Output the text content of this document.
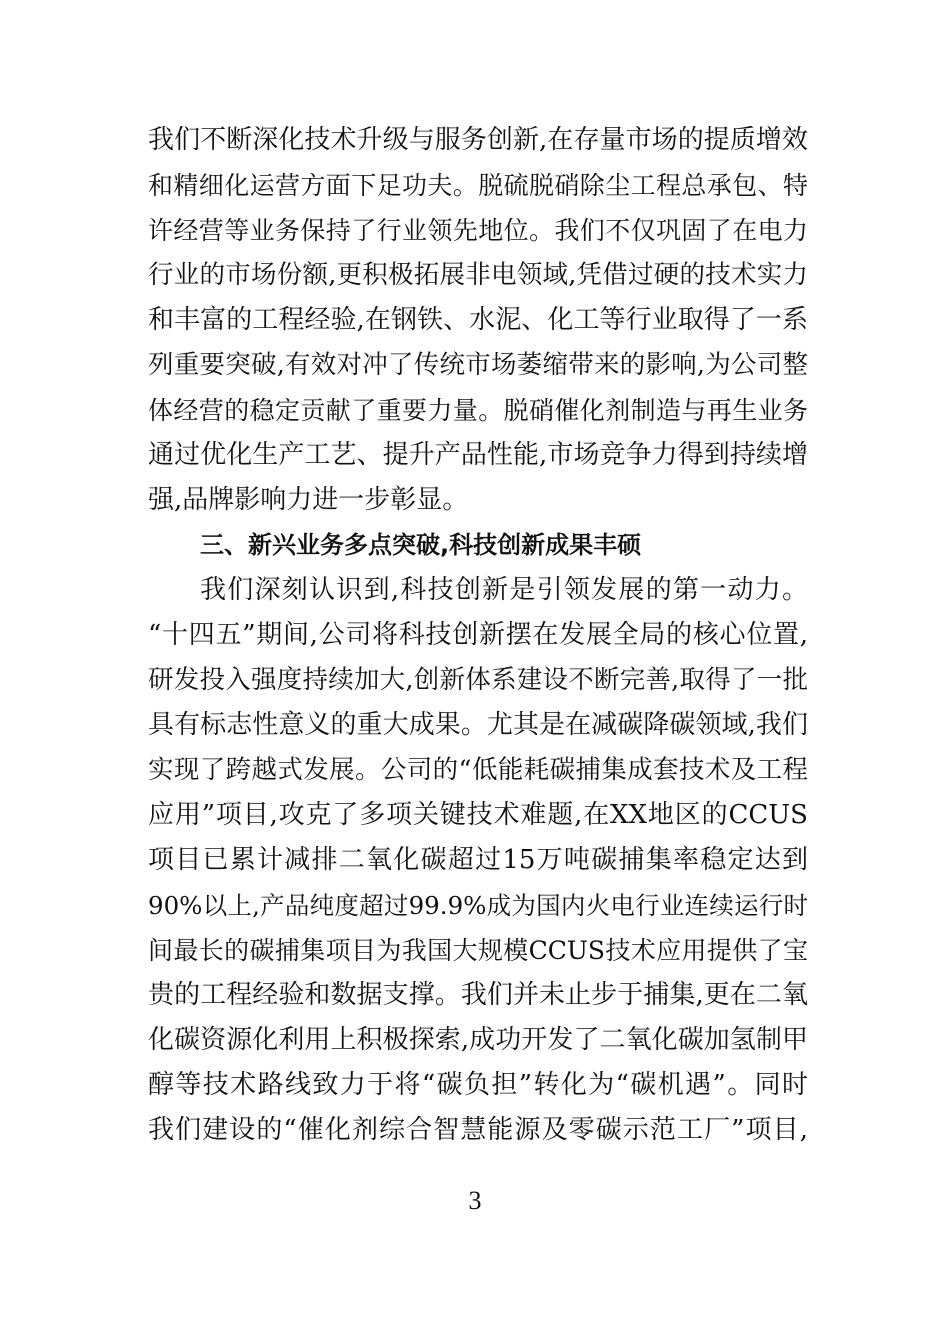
我们不断深化技术升级与服务创新,在存量市场的提质增效
和精细化运营方面下足功夫。脱硫脱硝除尘工程总承包、特
许经营等业务保持了行业领先地位。我们不仅巩固了在电力
行业的市场份额,更积极拓展非电领域,凭借过硬的技术实力
和丰富的工程经验,在钢铁、水泥、化工等行业取得了一系
列重要突破,有效对冲了传统市场萎缩带来的影响,为公司整
体经营的稳定贡献了重要力量。脱硝催化剂制造与再生业务
通过优化生产工艺、提升产品性能,市场竞争力得到持续增
强,品牌影响力进一步彰显。
三、新兴业务多点突破,科技创新成果丰硕
我们深刻认识到,科技创新是引领发展的第一动力。
“十四五”期间,公司将科技创新摆在发展全局的核心位置,
研发投入强度持续加大,创新体系建设不断完善,取得了一批
具有标志性意义的重大成果。尤其是在减碳降碳领域,我们
实现了跨越式发展。公司的“低能耗碳捕集成套技术及工程
应用”项目,攻克了多项关键技术难题,在XX地区的CCUS
项目已累计减排二氧化碳超过15万吨碳捕集率稳定达到
90%以上,产品纯度超过99.9%成为国内火电行业连续运行时
间最长的碳捕集项目为我国大规模CCUS技术应用提供了宝
贵的工程经验和数据支撑。我们并未止步于捕集,更在二氧
化碳资源化利用上积极探索,成功开发了二氧化碳加氢制甲
醇等技术路线致力于将“碳负担”转化为“碳机遇”。同时
我们建设的“催化剂综合智慧能源及零碳示范工厂”项目,
3
